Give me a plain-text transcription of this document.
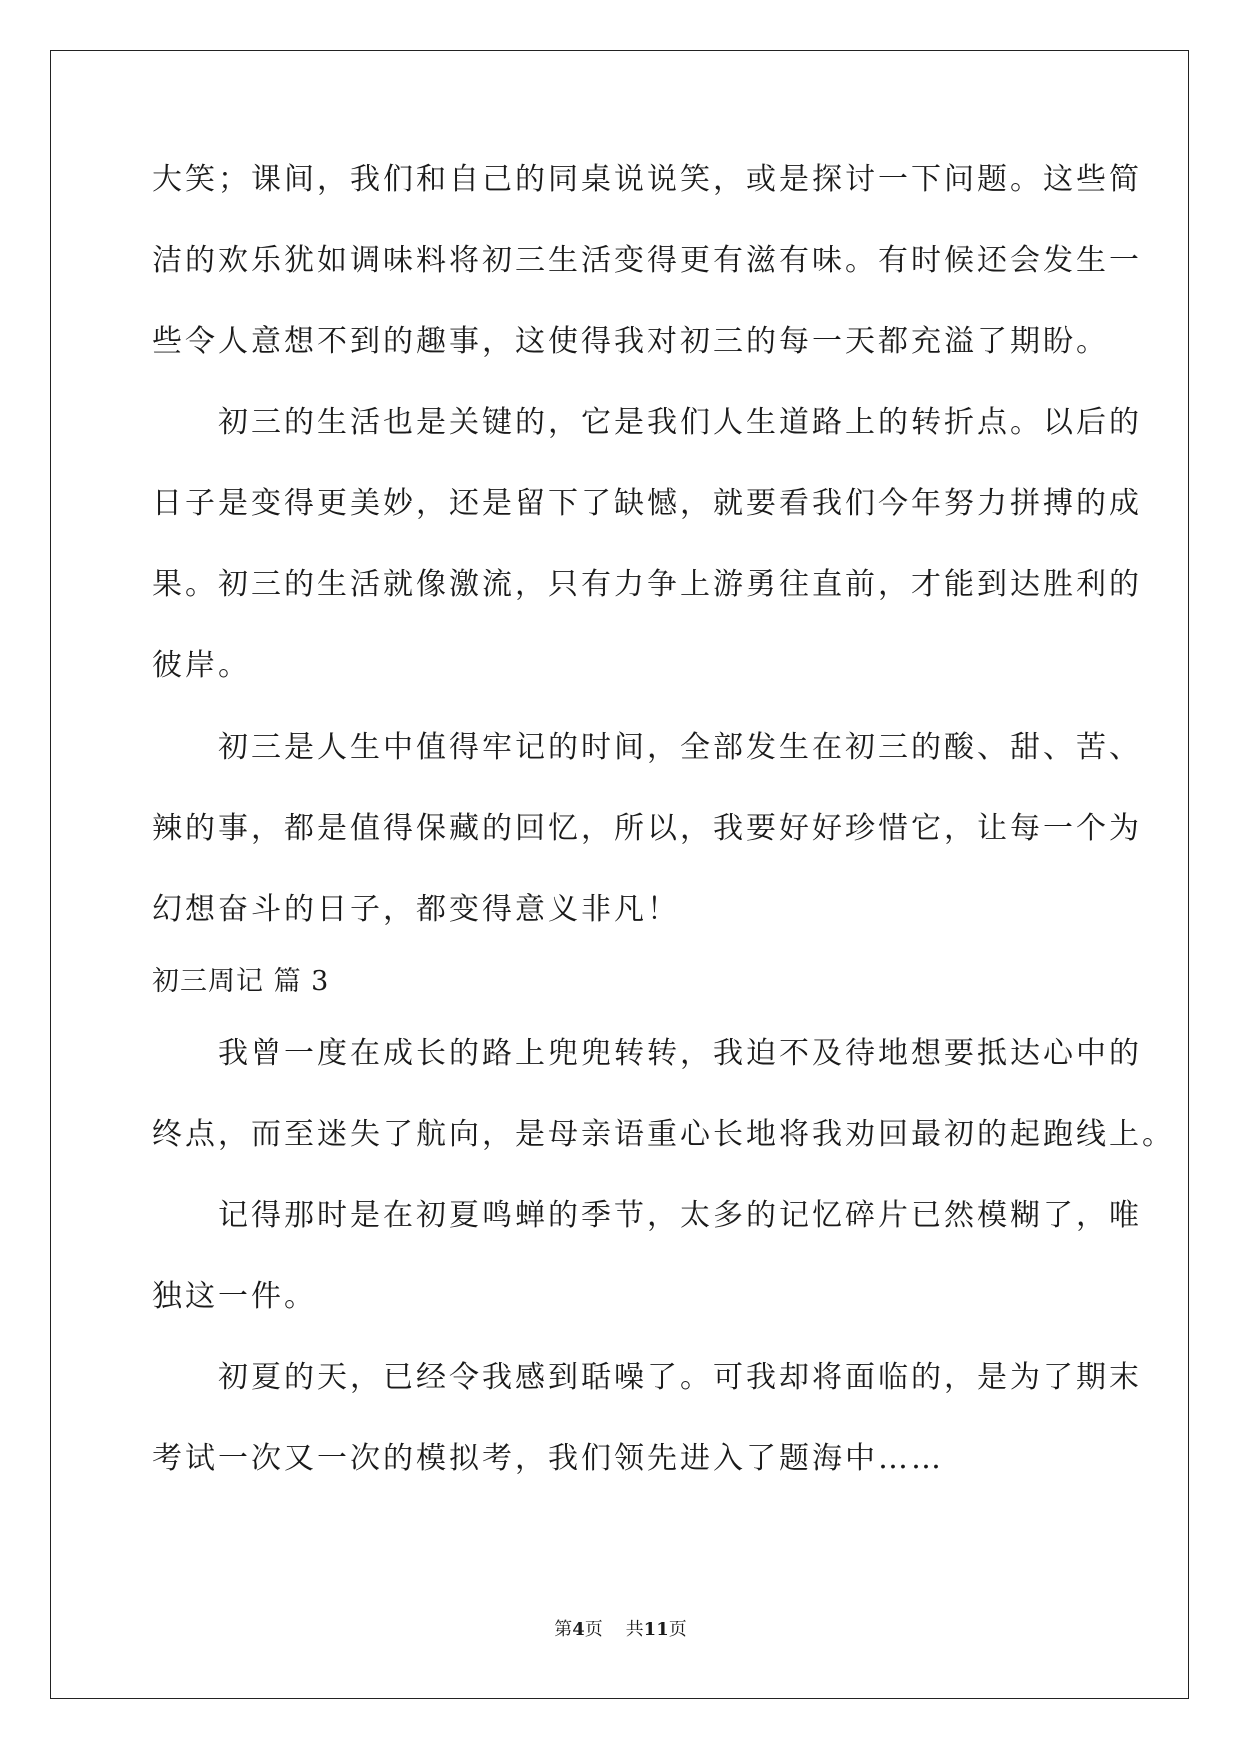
大笑；课间，我们和自己的同桌说说笑，或是探讨一下问题。这些简
洁的欢乐犹如调味料将初三生活变得更有滋有味。有时候还会发生一
些令人意想不到的趣事，这使得我对初三的每一天都充溢了期盼。
　　初三的生活也是关键的，它是我们人生道路上的转折点。以后的
日子是变得更美妙，还是留下了缺憾，就要看我们今年努力拼搏的成
果。初三的生活就像激流，只有力争上游勇往直前，才能到达胜利的
彼岸。
　　初三是人生中值得牢记的时间，全部发生在初三的酸、甜、苦、
辣的事，都是值得保藏的回忆，所以，我要好好珍惜它，让每一个为
幻想奋斗的日子，都变得意义非凡！
初三周记 篇 3
　　我曾一度在成长的路上兜兜转转，我迫不及待地想要抵达心中的
终点，而至迷失了航向，是母亲语重心长地将我劝回最初的起跑线上。
　　记得那时是在初夏鸣蝉的季节，太多的记忆碎片已然模糊了，唯
独这一件。
　　初夏的天，已经令我感到聒噪了。可我却将面临的，是为了期末
考试一次又一次的模拟考，我们领先进入了题海中……
第4页    共11页
